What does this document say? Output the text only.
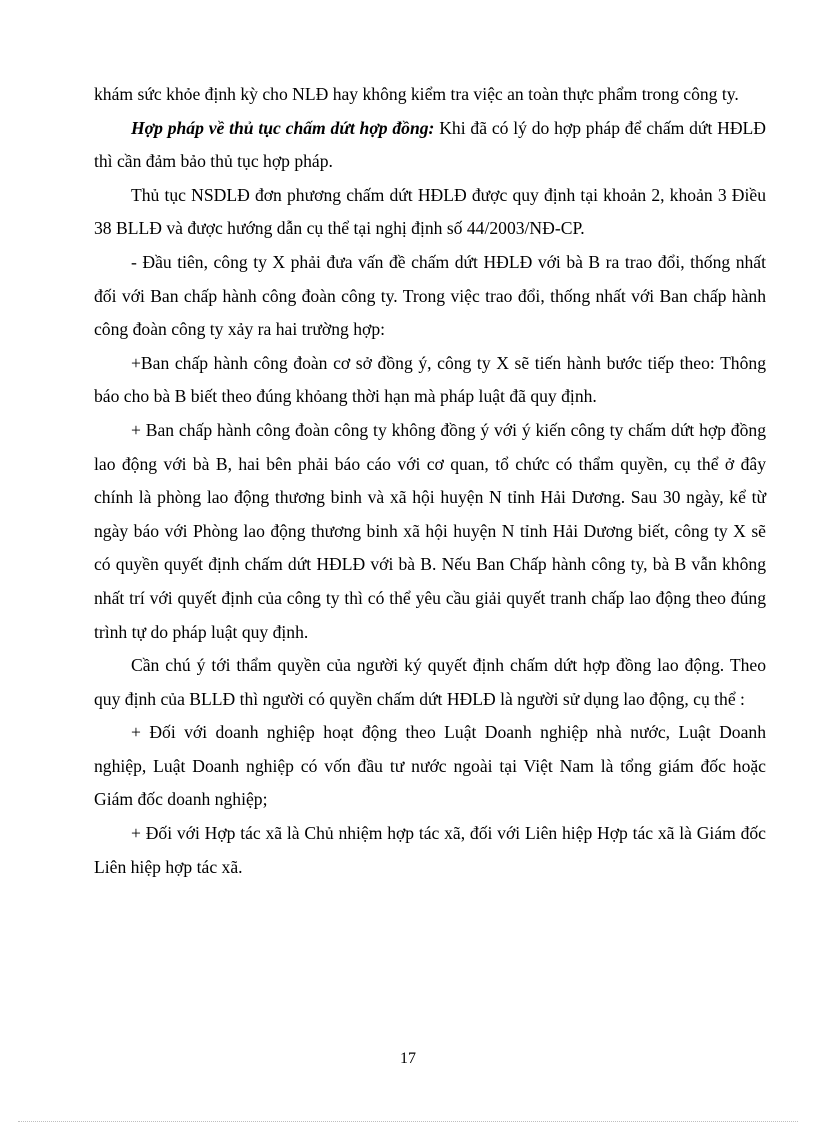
khám sức khỏe định kỳ cho NLĐ hay không kiểm tra việc an toàn thực phẩm trong công ty.

Hợp pháp về thủ tục chấm dứt hợp đồng: Khi đã có lý do hợp pháp để chấm dứt HĐLĐ thì cần đảm bảo thủ tục hợp pháp.

Thủ tục NSDLĐ đơn phương chấm dứt HĐLĐ được quy định tại khoản 2, khoản 3 Điều 38 BLLĐ và được hướng dẫn cụ thể tại nghị định số 44/2003/NĐ-CP.

- Đầu tiên, công ty X phải đưa vấn đề chấm dứt HĐLĐ với bà B ra trao đổi, thống nhất đối với Ban chấp hành công đoàn công ty. Trong việc trao đổi, thống nhất với Ban chấp hành công đoàn công ty xảy ra hai trường hợp:

+Ban chấp hành công đoàn cơ sở đồng ý, công ty X sẽ tiến hành bước tiếp theo: Thông báo cho bà B biết theo đúng khỏang thời hạn mà pháp luật đã quy định.

+ Ban chấp hành công đoàn công ty không đồng ý với ý kiến công ty chấm dứt hợp đồng lao động với bà B, hai bên phải báo cáo với cơ quan, tổ chức có thẩm quyền, cụ thể ở đây chính là phòng lao động thương binh và xã hội huyện N tỉnh Hải Dương. Sau 30 ngày, kể từ ngày báo với Phòng lao động thương binh xã hội huyện N tỉnh Hải Dương biết, công ty X sẽ có quyền quyết định chấm dứt HĐLĐ với bà B. Nếu Ban Chấp hành công ty, bà B vẫn không nhất trí với quyết định của công ty thì có thể yêu cầu giải quyết tranh chấp lao động theo đúng trình tự do pháp luật quy định.

Cần chú ý tới thẩm quyền của người ký quyết định chấm dứt hợp đồng lao động. Theo quy định của BLLĐ thì người có quyền chấm dứt HĐLĐ là người sử dụng lao động, cụ thể :

+ Đối với doanh nghiệp hoạt động theo Luật Doanh nghiệp nhà nước, Luật Doanh nghiệp, Luật Doanh nghiệp có vốn đầu tư nước ngoài tại Việt Nam là tổng giám đốc hoặc Giám đốc doanh nghiệp;

+ Đối với Hợp tác xã là Chủ nhiệm hợp tác xã, đối với Liên hiệp Hợp tác xã là Giám đốc Liên hiệp hợp tác xã.

17
